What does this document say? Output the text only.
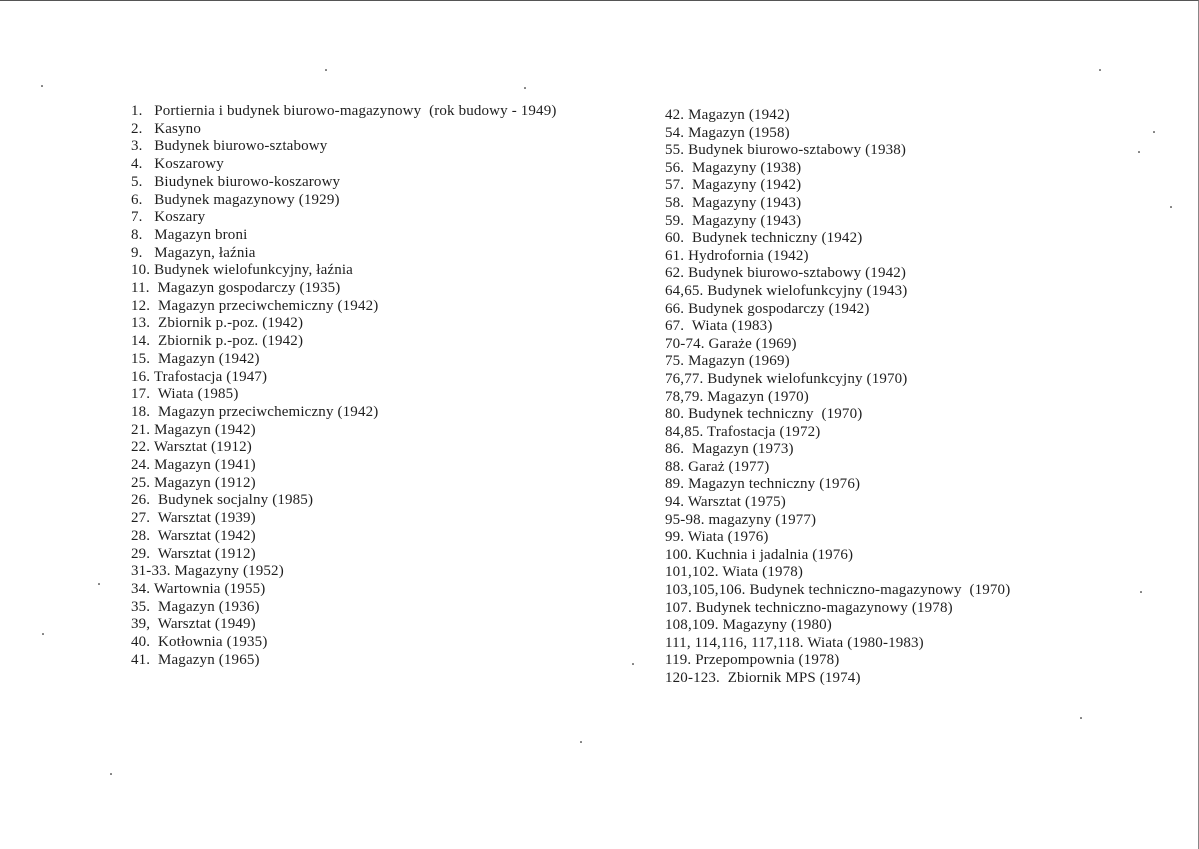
1.   Portiernia i budynek biurowo-magazynowy  (rok budowy - 1949)
2.   Kasyno
3.   Budynek biurowo-sztabowy
4.   Koszarowy
5.   Biudynek biurowo-koszarowy
6.   Budynek magazynowy (1929)
7.   Koszary
8.   Magazyn broni
9.   Magazyn, łaźnia
10. Budynek wielofunkcyjny, łaźnia
11.  Magazyn gospodarczy (1935)
12.  Magazyn przeciwchemiczny (1942)
13.  Zbiornik p.-poz. (1942)
14.  Zbiornik p.-poz. (1942)
15.  Magazyn (1942)
16. Trafostacja (1947)
17.  Wiata (1985)
18.  Magazyn przeciwchemiczny (1942)
21. Magazyn (1942)
22. Warsztat (1912)
24. Magazyn (1941)
25. Magazyn (1912)
26.  Budynek socjalny (1985)
27.  Warsztat (1939)
28.  Warsztat (1942)
29.  Warsztat (1912)
31-33. Magazyny (1952)
34. Wartownia (1955)
35.  Magazyn (1936)
39,  Warsztat (1949)
40.  Kotłownia (1935)
41.  Magazyn (1965)
42. Magazyn (1942)
54. Magazyn (1958)
55. Budynek biurowo-sztabowy (1938)
56.  Magazyny (1938)
57.  Magazyny (1942)
58.  Magazyny (1943)
59.  Magazyny (1943)
60.  Budynek techniczny (1942)
61. Hydrofornia (1942)
62. Budynek biurowo-sztabowy (1942)
64,65. Budynek wielofunkcyjny (1943)
66. Budynek gospodarczy (1942)
67.  Wiata (1983)
70-74. Garaże (1969)
75. Magazyn (1969)
76,77. Budynek wielofunkcyjny (1970)
78,79. Magazyn (1970)
80. Budynek techniczny  (1970)
84,85. Trafostacja (1972)
86.  Magazyn (1973)
88. Garaż (1977)
89. Magazyn techniczny (1976)
94. Warsztat (1975)
95-98. magazyny (1977)
99. Wiata (1976)
100. Kuchnia i jadalnia (1976)
101,102. Wiata (1978)
103,105,106. Budynek techniczno-magazynowy  (1970)
107. Budynek techniczno-magazynowy (1978)
108,109. Magazyny (1980)
111, 114,116, 117,118. Wiata (1980-1983)
119. Przepompownia (1978)
120-123.  Zbiornik MPS (1974)
